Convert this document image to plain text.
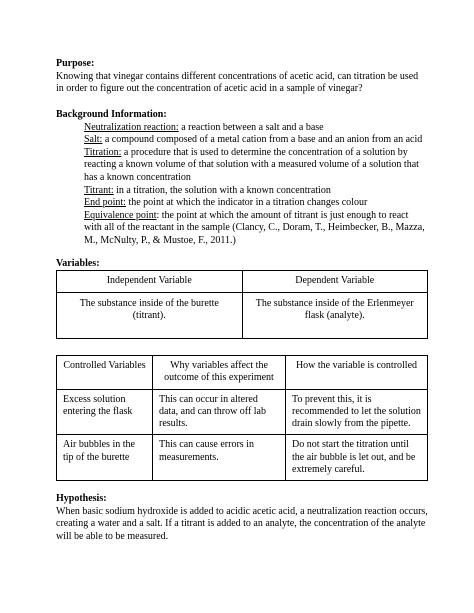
Purpose:

Knowing that vinegar contains different concentrations of acetic acid, can titration be used in order to figure out the concentration of acetic acid in a sample of vinegar?

Background Information:

Neutralization reaction: a reaction between a salt and a base

Salt: a compound composed of a metal cation from a base and an anion from an acid

Titration: a procedure that is used to determine the concentration of a solution by reacting a known volume of that solution with a measured volume of a solution that has a known concentration

Titrant: in a titration, the solution with a known concentration

End point: the point at which the indicator in a titration changes colour

Equivalence point: the point at which the amount of titrant is just enough to react with all of the reactant in the sample (Clancy, C., Doram, T., Heimbecker, B., Mazza, M., McNulty, P., & Mustoe, F., 2011.)

Variables:
Independent Variable	Dependent Variable
The substance inside of the burette (titrant).	The substance inside of the Erlenmeyer flask (analyte).
Controlled Variables	Why variables affect the outcome of this experiment	How the variable is controlled
Excess solution entering the flask	This can occur in altered data, and can throw off lab results.	To prevent this, it is recommended to let the solution drain slowly from the pipette.
Air bubbles in the tip of the burette	This can cause errors in measurements.	Do not start the titration until the air bubble is let out, and be extremely careful.
Hypothesis:

When basic sodium hydroxide is added to acidic acetic acid, a neutralization reaction occurs, creating a water and a salt. If a titrant is added to an analyte, the concentration of the analyte will be able to be measured.
